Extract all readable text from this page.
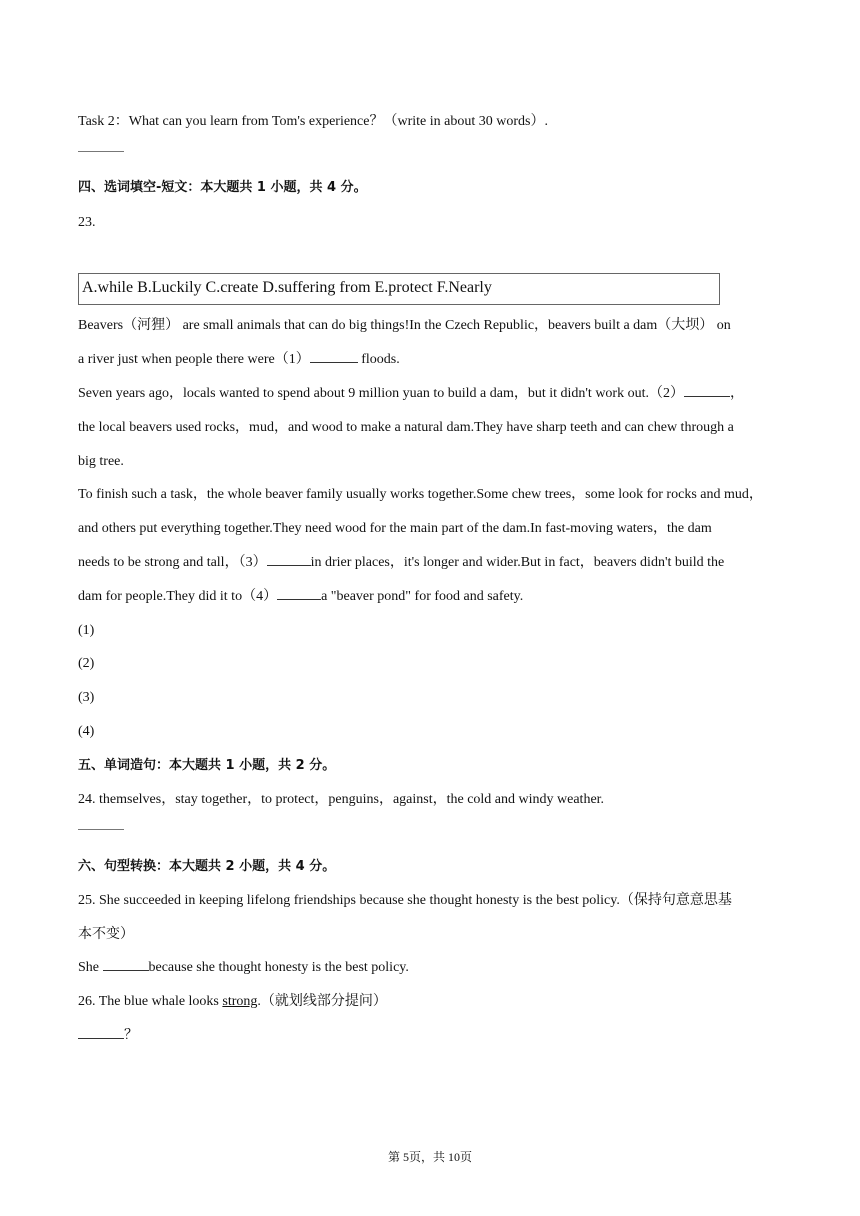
Task 2：What can you learn from Tom's experience？（write in about 30 words）.
四、选词填空-短文：本大题共 1 小题，共 4 分。
23.
A.while B.Luckily C.create D.suffering from E.protect F.Nearly
Beavers（河狸） are small animals that can do big things!In the Czech Republic，beavers built a dam（大坝） on
a river just when people there were（1）	floods.
Seven years ago，locals wanted to spend about 9 million yuan to build a dam，but it didn't work out.（2）	，
the local beavers used rocks，mud，and wood to make a natural dam.They have sharp teeth and can chew through a
big tree.
To finish such a task，the whole beaver family usually works together.Some chew trees，some look for rocks and mud，
and others put everything together.They need wood for the main part of the dam.In fast-moving waters，the dam
needs to be strong and tall，（3）	in drier places，it's longer and wider.But in fact，beavers didn't build the
dam for people.They did it to（4）	a "beaver pond" for food and safety.
(1)
(2)
(3)
(4)
五、单词造句：本大题共 1 小题，共 2 分。
24. themselves，stay together，to protect，penguins，against，the cold and windy weather.
六、句型转换：本大题共 2 小题，共 4 分。
25. She succeeded in keeping lifelong friendships because she thought honesty is the best policy.（保持句意意思基
本不变）
She	because she thought honesty is the best policy.
26. The blue whale looks strong.（就划线部分提问）
？
第 5页，共 10页
